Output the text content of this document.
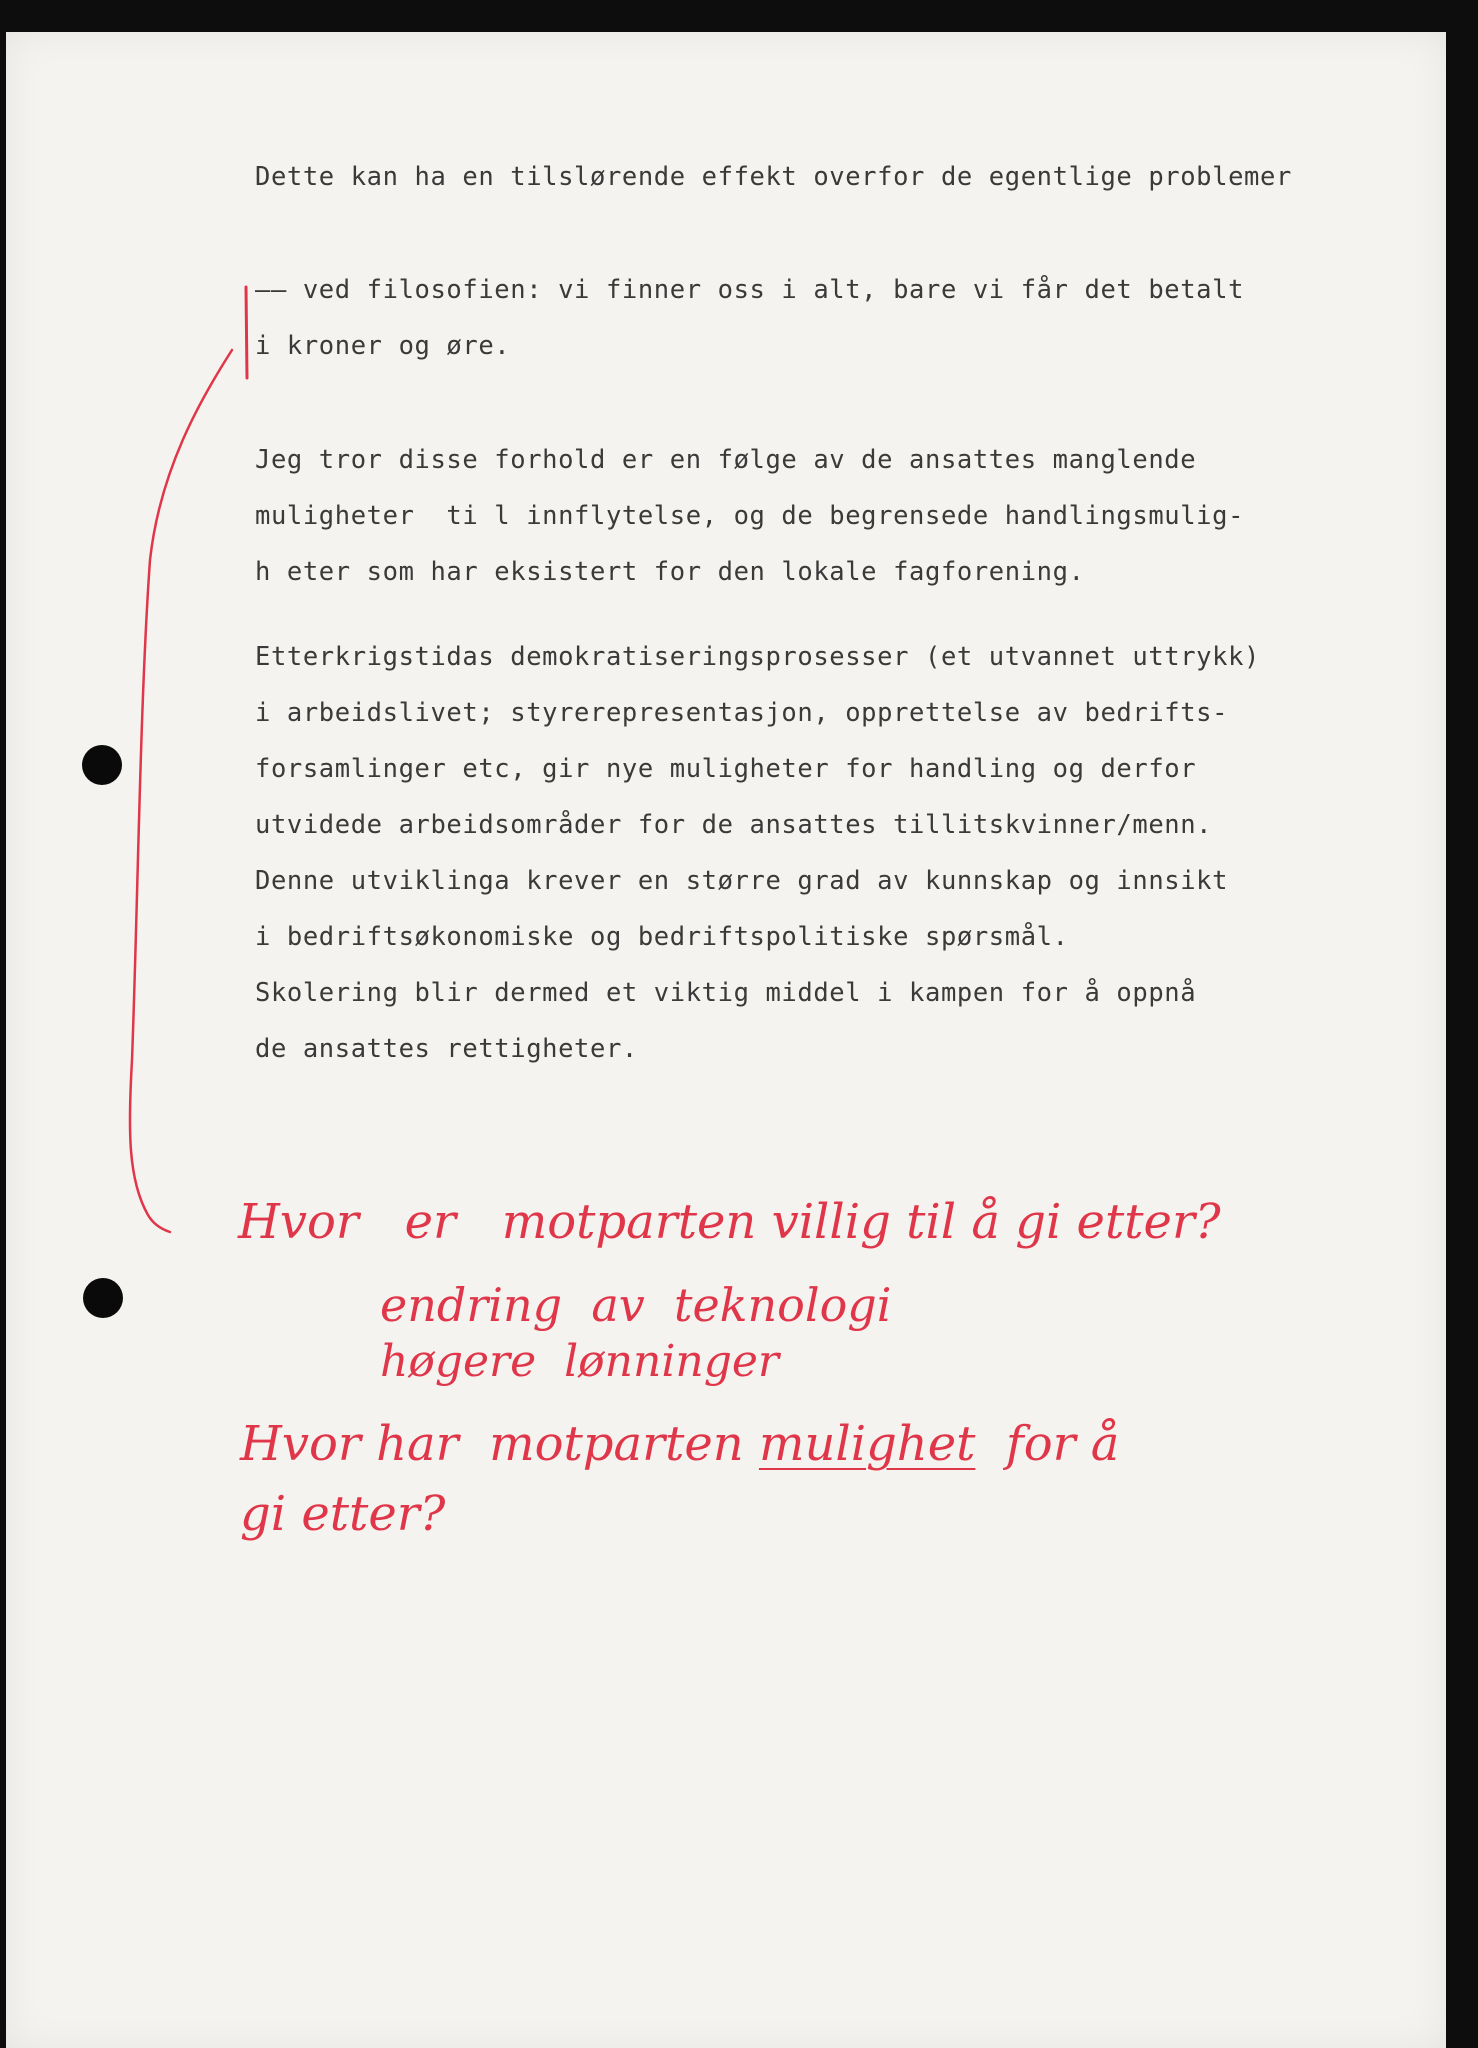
Dette kan ha en tilslørende effekt overfor de egentlige problemer
—— ved filosofien: vi finner oss i alt, bare vi får det betalt
i kroner og øre.
Jeg tror disse forhold er en følge av de ansattes manglende
muligheter  ti l innflytelse, og de begrensede handlingsmulig-
h eter som har eksistert for den lokale fagforening.
Etterkrigstidas demokratiseringsprosesser (et utvannet uttrykk)
i arbeidslivet; styrerepresentasjon, opprettelse av bedrifts-
forsamlinger etc, gir nye muligheter for handling og derfor
utvidede arbeidsområder for de ansattes tillitskvinner/menn.
Denne utviklinga krever en større grad av kunnskap og innsikt
i bedriftsøkonomiske og bedriftspolitiske spørsmål.
Skolering blir dermed et viktig middel i kampen for å oppnå
de ansattes rettigheter.
Hvor   er   motparten villig til å gi etter?
endring  av  teknologi
høgere  lønninger
Hvor har  motparten mulighet  for å
gi etter?
